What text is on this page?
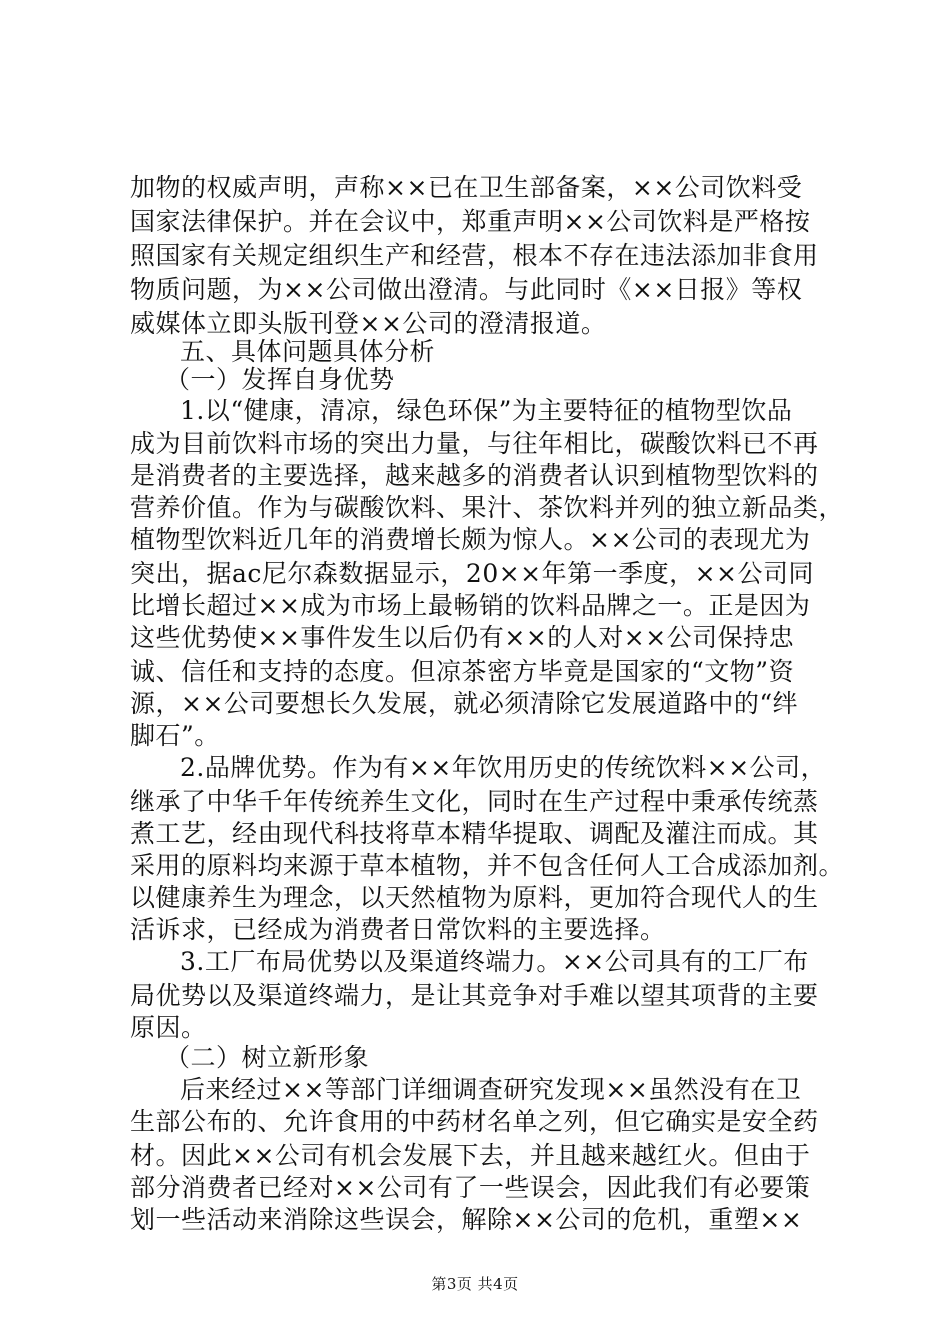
加物的权威声明，声称××已在卫生部备案，××公司饮料受
国家法律保护。并在会议中，郑重声明××公司饮料是严格按
照国家有关规定组织生产和经营，根本不存在违法添加非食用
物质问题，为××公司做出澄清。与此同时《××日报》等权
威媒体立即头版刊登××公司的澄清报道。
五、具体问题具体分析
（一）发挥自身优势
1.以“健康，清凉，绿色环保”为主要特征的植物型饮品
成为目前饮料市场的突出力量，与往年相比，碳酸饮料已不再
是消费者的主要选择，越来越多的消费者认识到植物型饮料的
营养价值。作为与碳酸饮料、果汁、茶饮料并列的独立新品类，
植物型饮料近几年的消费增长颇为惊人。××公司的表现尤为
突出，据ac尼尔森数据显示，20××年第一季度，××公司同
比增长超过××成为市场上最畅销的饮料品牌之一。正是因为
这些优势使××事件发生以后仍有××的人对××公司保持忠
诚、信任和支持的态度。但凉茶密方毕竟是国家的“文物”资
源，××公司要想长久发展，就必须清除它发展道路中的“绊
脚石”。
2.品牌优势。作为有××年饮用历史的传统饮料××公司，
继承了中华千年传统养生文化，同时在生产过程中秉承传统蒸
煮工艺，经由现代科技将草本精华提取、调配及灌注而成。其
采用的原料均来源于草本植物，并不包含任何人工合成添加剂。
以健康养生为理念，以天然植物为原料，更加符合现代人的生
活诉求，已经成为消费者日常饮料的主要选择。
3.工厂布局优势以及渠道终端力。××公司具有的工厂布
局优势以及渠道终端力，是让其竞争对手难以望其项背的主要
原因。
（二）树立新形象
后来经过××等部门详细调查研究发现××虽然没有在卫
生部公布的、允许食用的中药材名单之列，但它确实是安全药
材。因此××公司有机会发展下去，并且越来越红火。但由于
部分消费者已经对××公司有了一些误会，因此我们有必要策
划一些活动来消除这些误会，解除××公司的危机，重塑××
第3页 共4页
